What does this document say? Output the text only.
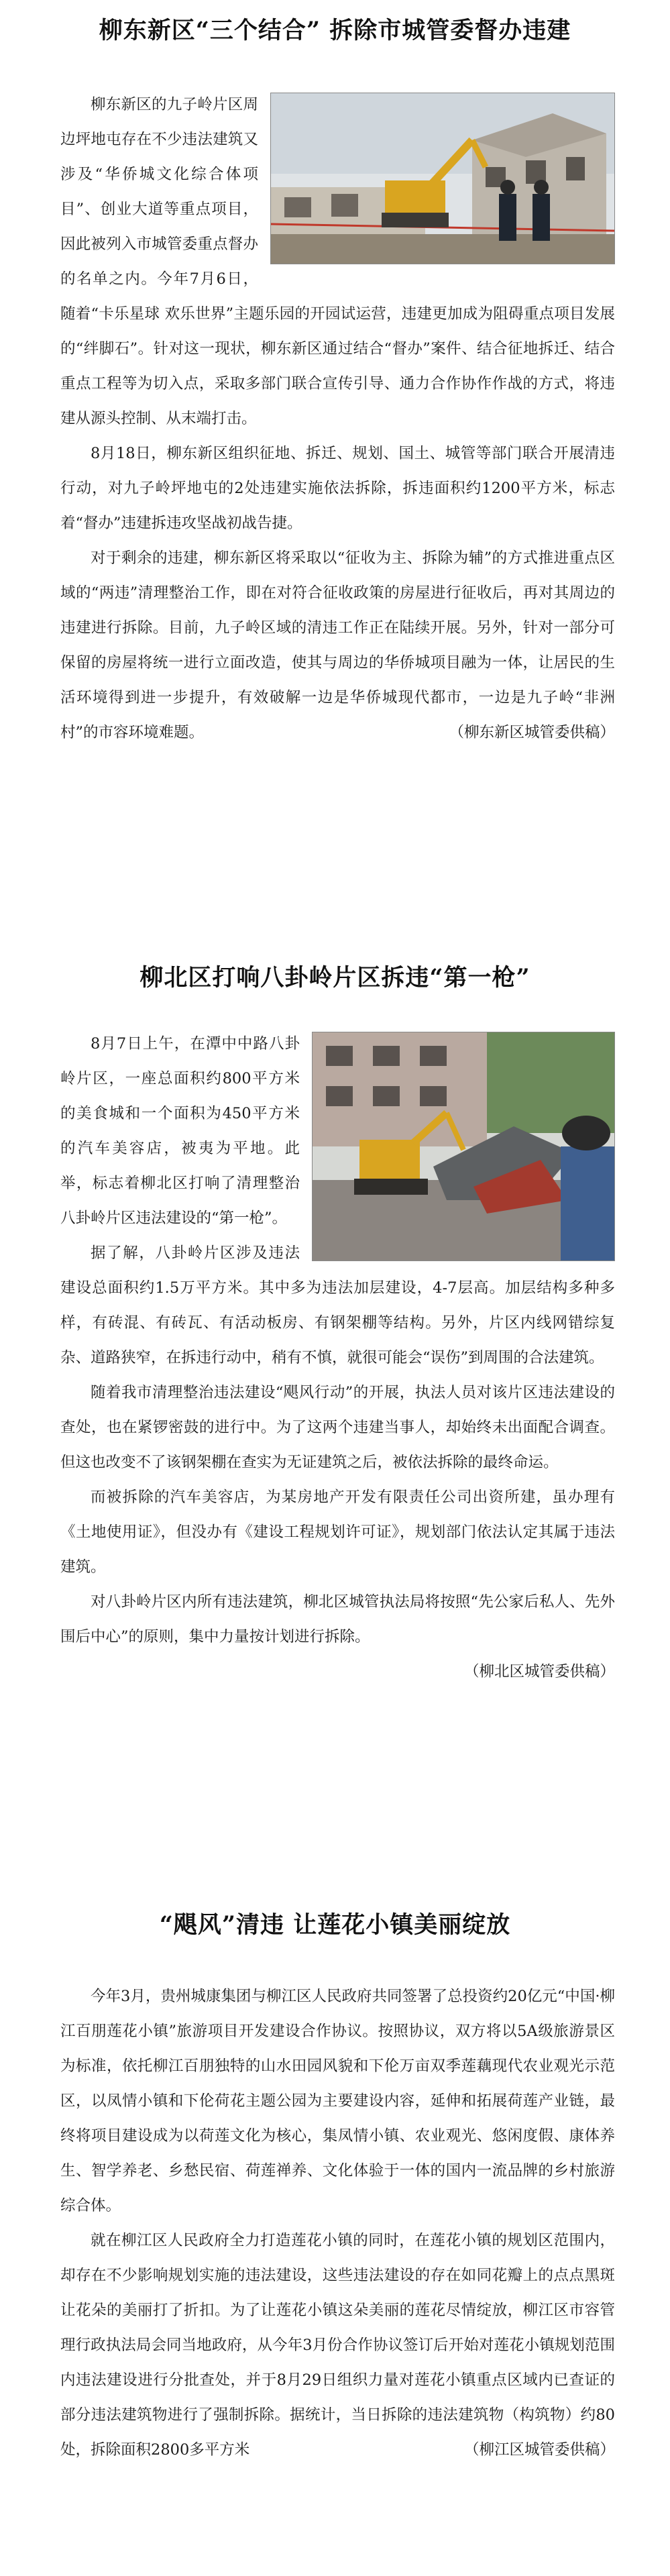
柳东新区“三个结合” 拆除市城管委督办违建

柳东新区的九子岭片区周边坪地屯存在不少违法建筑又涉及“华侨城文化综合体项目”、创业大道等重点项目，因此被列入市城管委重点督办的名单之内。今年7月6日，随着“卡乐星球 欢乐世界”主题乐园的开园试运营，违建更加成为阻碍重点项目发展的“绊脚石”。针对这一现状，柳东新区通过结合“督办”案件、结合征地拆迁、结合重点工程等为切入点，采取多部门联合宣传引导、通力合作协作作战的方式，将违建从源头控制、从末端打击。

8月18日，柳东新区组织征地、拆迁、规划、国土、城管等部门联合开展清违行动，对九子岭坪地屯的2处违建实施依法拆除，拆违面积约1200平方米，标志着“督办”违建拆违攻坚战初战告捷。

对于剩余的违建，柳东新区将采取以“征收为主、拆除为辅”的方式推进重点区域的“两违”清理整治工作，即在对符合征收政策的房屋进行征收后，再对其周边的违建进行拆除。目前，九子岭区域的清违工作正在陆续开展。另外，针对一部分可保留的房屋将统一进行立面改造，使其与周边的华侨城项目融为一体，让居民的生活环境得到进一步提升，有效破解一边是华侨城现代都市，一边是九子岭“非洲村”的市容环境难题。	（柳东新区城管委供稿）

柳北区打响八卦岭片区拆违“第一枪”

8月7日上午，在潭中中路八卦岭片区，一座总面积约800平方米的美食城和一个面积为450平方米的汽车美容店，被夷为平地。此举，标志着柳北区打响了清理整治八卦岭片区违法建设的“第一枪”。

据了解，八卦岭片区涉及违法建设总面积约1.5万平方米。其中多为违法加层建设，4-7层高。加层结构多种多样，有砖混、有砖瓦、有活动板房、有钢架棚等结构。另外，片区内线网错综复杂、道路狭窄，在拆违行动中，稍有不慎，就很可能会“误伤”到周围的合法建筑。

随着我市清理整治违法建设“飓风行动”的开展，执法人员对该片区违法建设的查处，也在紧锣密鼓的进行中。为了这两个违建当事人，却始终未出面配合调查。但这也改变不了该钢架棚在查实为无证建筑之后，被依法拆除的最终命运。

而被拆除的汽车美容店，为某房地产开发有限责任公司出资所建，虽办理有《土地使用证》，但没办有《建设工程规划许可证》，规划部门依法认定其属于违法建筑。

对八卦岭片区内所有违法建筑，柳北区城管执法局将按照“先公家后私人、先外围后中心”的原则，集中力量按计划进行拆除。

（柳北区城管委供稿）

“飓风”清违 让莲花小镇美丽绽放

今年3月，贵州城康集团与柳江区人民政府共同签署了总投资约20亿元“中国·柳江百朋莲花小镇”旅游项目开发建设合作协议。按照协议，双方将以5A级旅游景区为标准，依托柳江百朋独特的山水田园风貌和下伦万亩双季莲藕现代农业观光示范区，以凤情小镇和下伦荷花主题公园为主要建设内容，延伸和拓展荷莲产业链，最终将项目建设成为以荷莲文化为核心，集凤情小镇、农业观光、悠闲度假、康体养生、智学养老、乡愁民宿、荷莲禅养、文化体验于一体的国内一流品牌的乡村旅游综合体。

就在柳江区人民政府全力打造莲花小镇的同时，在莲花小镇的规划区范围内，却存在不少影响规划实施的违法建设，这些违法建设的存在如同花瓣上的点点黑斑让花朵的美丽打了折扣。为了让莲花小镇这朵美丽的莲花尽情绽放，柳江区市容管理行政执法局会同当地政府，从今年3月份合作协议签订后开始对莲花小镇规划范围内违法建设进行分批查处，并于8月29日组织力量对莲花小镇重点区域内已查证的部分违法建筑物进行了强制拆除。据统计，当日拆除的违法建筑物（构筑物）约80处，拆除面积2800多平方米	（柳江区城管委供稿）
